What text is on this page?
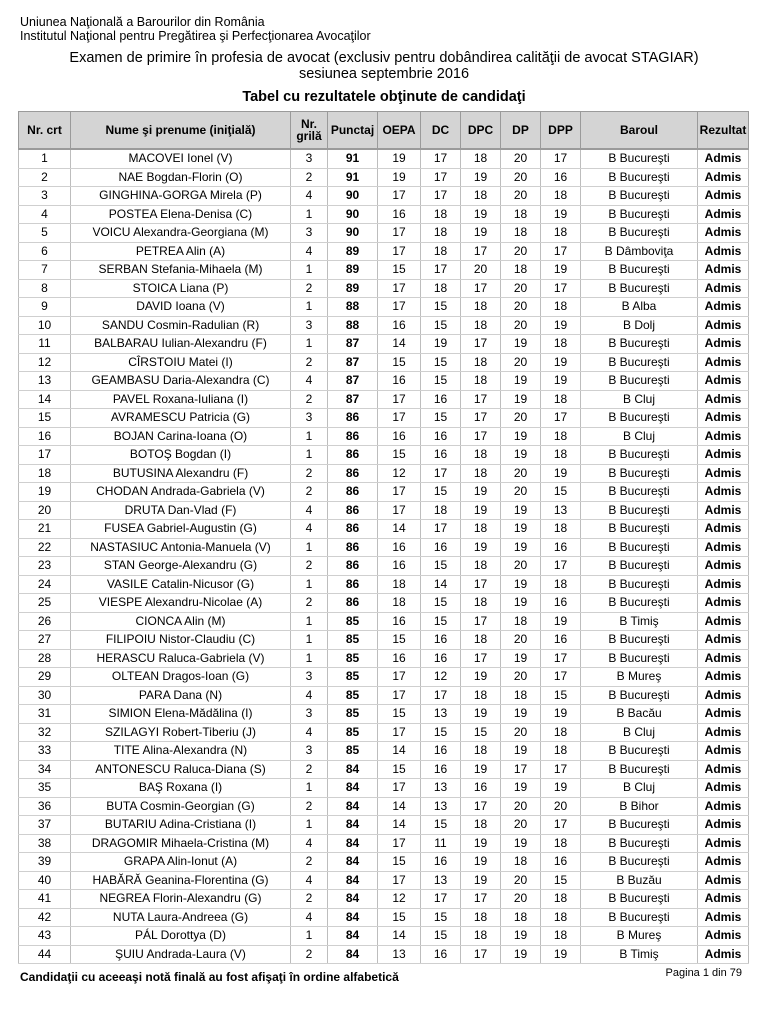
Uniunea Naţională a Barourilor din România
Institutul Naţional pentru Pregătirea şi Perfecţionarea Avocaţilor
Examen de primire în profesia de avocat (exclusiv pentru dobândirea calităţii de avocat STAGIAR)
sesiunea septembrie 2016
Tabel cu rezultatele obţinute de candidaţi
Nr. crt	Nume şi prenume (iniţială)	Nr. grilă	Punctaj	OEPA	DC	DPC	DP	DPP	Baroul	Rezultat
1	MACOVEI Ionel (V)	3	91	19	17	18	20	17	B Bucureşti	Admis
2	NAE Bogdan-Florin (O)	2	91	19	17	19	20	16	B Bucureşti	Admis
3	GINGHINA-GORGA Mirela (P)	4	90	17	17	18	20	18	B Bucureşti	Admis
4	POSTEA Elena-Denisa (C)	1	90	16	18	19	18	19	B Bucureşti	Admis
5	VOICU Alexandra-Georgiana (M)	3	90	17	18	19	18	18	B Bucureşti	Admis
6	PETREA Alin (A)	4	89	17	18	17	20	17	B Dâmboviţa	Admis
7	SERBAN Stefania-Mihaela (M)	1	89	15	17	20	18	19	B Bucureşti	Admis
8	STOICA Liana (P)	2	89	17	18	17	20	17	B Bucureşti	Admis
9	DAVID Ioana (V)	1	88	17	15	18	20	18	B Alba	Admis
10	SANDU Cosmin-Radulian (R)	3	88	16	15	18	20	19	B Dolj	Admis
11	BALBARAU Iulian-Alexandru (F)	1	87	14	19	17	19	18	B Bucureşti	Admis
12	CÎRSTOIU Matei (I)	2	87	15	15	18	20	19	B Bucureşti	Admis
13	GEAMBASU Daria-Alexandra (C)	4	87	16	15	18	19	19	B Bucureşti	Admis
14	PAVEL Roxana-Iuliana (I)	2	87	17	16	17	19	18	B Cluj	Admis
15	AVRAMESCU Patricia (G)	3	86	17	15	17	20	17	B Bucureşti	Admis
16	BOJAN Carina-Ioana (O)	1	86	16	16	17	19	18	B Cluj	Admis
17	BOTOŞ Bogdan (I)	1	86	15	16	18	19	18	B Bucureşti	Admis
18	BUTUSINA Alexandru (F)	2	86	12	17	18	20	19	B Bucureşti	Admis
19	CHODAN Andrada-Gabriela (V)	2	86	17	15	19	20	15	B Bucureşti	Admis
20	DRUTA Dan-Vlad (F)	4	86	17	18	19	19	13	B Bucureşti	Admis
21	FUSEA Gabriel-Augustin (G)	4	86	14	17	18	19	18	B Bucureşti	Admis
22	NASTASIUC Antonia-Manuela (V)	1	86	16	16	19	19	16	B Bucureşti	Admis
23	STAN George-Alexandru (G)	2	86	16	15	18	20	17	B Bucureşti	Admis
24	VASILE Catalin-Nicusor (G)	1	86	18	14	17	19	18	B Bucureşti	Admis
25	VIESPE Alexandru-Nicolae (A)	2	86	18	15	18	19	16	B Bucureşti	Admis
26	CIONCA Alin (M)	1	85	16	15	17	18	19	B Timiş	Admis
27	FILIPOIU Nistor-Claudiu (C)	1	85	15	16	18	20	16	B Bucureşti	Admis
28	HERASCU Raluca-Gabriela (V)	1	85	16	16	17	19	17	B Bucureşti	Admis
29	OLTEAN Dragos-Ioan (G)	3	85	17	12	19	20	17	B Mureş	Admis
30	PARA Dana (N)	4	85	17	17	18	18	15	B Bucureşti	Admis
31	SIMION Elena-Mădălina (I)	3	85	15	13	19	19	19	B Bacău	Admis
32	SZILAGYI Robert-Tiberiu (J)	4	85	17	15	15	20	18	B Cluj	Admis
33	TITE Alina-Alexandra (N)	3	85	14	16	18	19	18	B Bucureşti	Admis
34	ANTONESCU Raluca-Diana (S)	2	84	15	16	19	17	17	B Bucureşti	Admis
35	BAŞ Roxana (I)	1	84	17	13	16	19	19	B Cluj	Admis
36	BUTA Cosmin-Georgian (G)	2	84	14	13	17	20	20	B Bihor	Admis
37	BUTARIU Adina-Cristiana (I)	1	84	14	15	18	20	17	B Bucureşti	Admis
38	DRAGOMIR Mihaela-Cristina (M)	4	84	17	11	19	19	18	B Bucureşti	Admis
39	GRAPA Alin-Ionut (A)	2	84	15	16	19	18	16	B Bucureşti	Admis
40	HABĂRĂ Geanina-Florentina (G)	4	84	17	13	19	20	15	B Buzău	Admis
41	NEGREA Florin-Alexandru (G)	2	84	12	17	17	20	18	B Bucureşti	Admis
42	NUTA Laura-Andreea (G)	4	84	15	15	18	18	18	B Bucureşti	Admis
43	PÁL Dorottya (D)	1	84	14	15	18	19	18	B Mureş	Admis
44	ŞUIU Andrada-Laura (V)	2	84	13	16	17	19	19	B Timiş	Admis
Candidaţii cu aceeaşi notă finală au fost afişaţi în ordine alfabetică	Pagina 1 din 79
